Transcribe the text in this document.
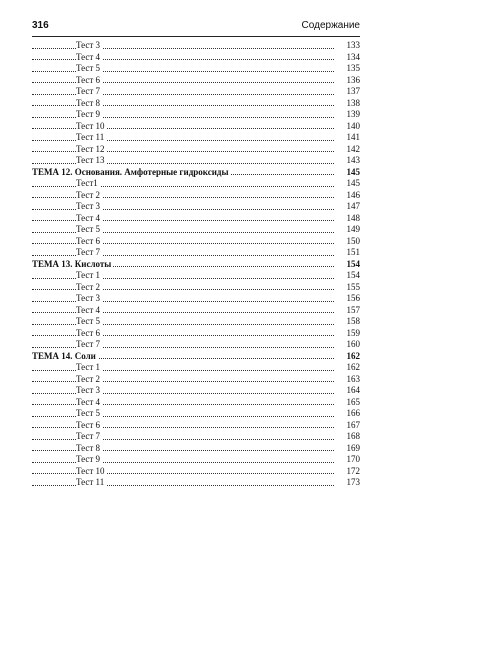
316	Содержание
Тест 3	133
Тест 4	134
Тест 5	135
Тест 6	136
Тест 7	137
Тест 8	138
Тест 9	139
Тест 10	140
Тест 11	141
Тест 12	142
Тест 13	143
ТЕМА 12. Основания. Амфотерные гидроксиды	145
Тест1	145
Тест 2	146
Тест 3	147
Тест 4	148
Тест 5	149
Тест 6	150
Тест 7	151
ТЕМА 13. Кислоты	154
Тест 1	154
Тест 2	155
Тест 3	156
Тест 4	157
Тест 5	158
Тест 6	159
Тест 7	160
ТЕМА 14. Соли	162
Тест 1	162
Тест 2	163
Тест 3	164
Тест 4	165
Тест 5	166
Тест 6	167
Тест 7	168
Тест 8	169
Тест 9	170
Тест 10	172
Тест 11	173
